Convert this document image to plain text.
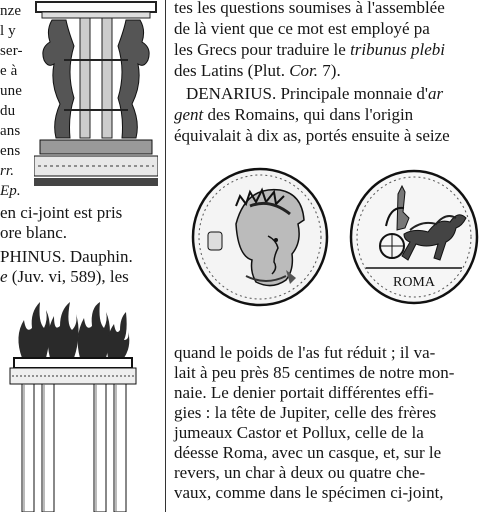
nze
l y
ser-
e à
une
du
ans
ens
rr.
Ep.
en ci-joint est pris
ore blanc.
PHINUS. Dauphin.
e (Juv. vi, 589), les
tes les questions soumises à l'assemblée
de là vient que ce mot est employé pa
les Grecs pour traduire le tribunus plebi
des Latins (Plut. Cor. 7).
DENARIUS. Principale monnaie d'ar
gent des Romains, qui dans l'origin
équivalait à dix as, portés ensuite à seize
ROMA
quand le poids de l'as fut réduit ; il va-
lait à peu près 85 centimes de notre mon-
naie. Le denier portait différentes effi-
gies : la tête de Jupiter, celle des frères
jumeaux Castor et Pollux, celle de la
déesse Roma, avec un casque, et, sur le
revers, un char à deux ou quatre che-
vaux, comme dans le spécimen ci-joint,
